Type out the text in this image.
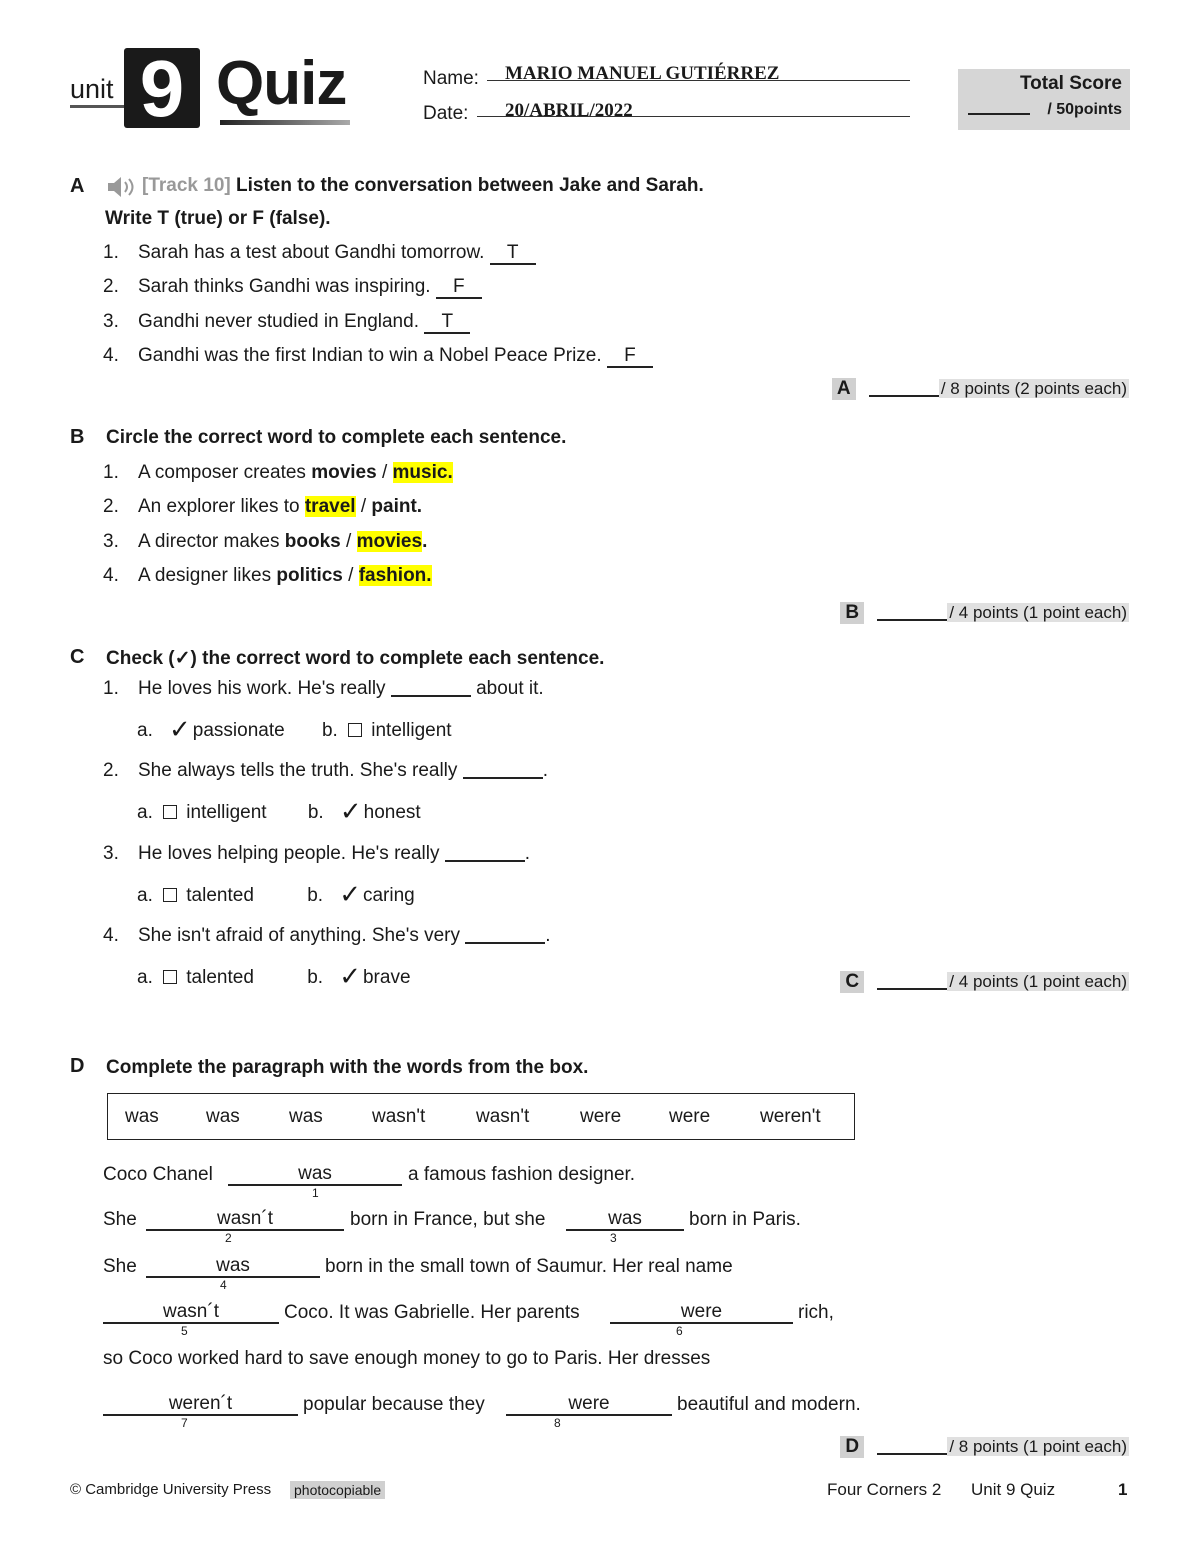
unit 9 Quiz	Name: MARIO MANUEL GUTIÉRREZ
Date: 20/ABRIL/2022
Total Score
/ 50points
A	[Track 10] Listen to the conversation between Jake and Sarah.
Write T (true) or F (false).
1. Sarah has a test about Gandhi tomorrow. T
2. Sarah thinks Gandhi was inspiring. F
3. Gandhi never studied in England. T
4. Gandhi was the first Indian to win a Nobel Peace Prize. F
A	/ 8 points (2 points each)
B Circle the correct word to complete each sentence.
1. A composer creates movies / music.
2. An explorer likes to travel / paint.
3. A director makes books / movies.
4. A designer likes politics / fashion.
B	/ 4 points (1 point each)
C Check (✓) the correct word to complete each sentence.
1. He loves his work. He's really	about it.
a. ✓ passionate b. intelligent
2. She always tells the truth. She's really	.
a. intelligent b. ✓ honest
3. He loves helping people. He's really	.
a. talented	b. ✓ caring
4. She isn't afraid of anything. She's very	.
a. talented	b. ✓ brave	C	/ 4 points (1 point each)
D Complete the paragraph with the words from the box.
was was	was	wasn't	wasn't	were	were	weren't
Coco Chanel	was
1
a famous fashion designer.
She	wasn´t
2
born in France, but she	was
3
born in Paris.
She	was
4
born in the small town of Saumur. Her real name
wasn´t
5
Coco. It was Gabrielle. Her parents	were
6
rich,
so Coco worked hard to save enough money to go to Paris. Her dresses
weren´t
7
popular because they	were
8
beautiful and modern.
D	/ 8 points (1 point each)
© Cambridge University Press photocopiable	Four Corners 2 Unit 9 Quiz	1
